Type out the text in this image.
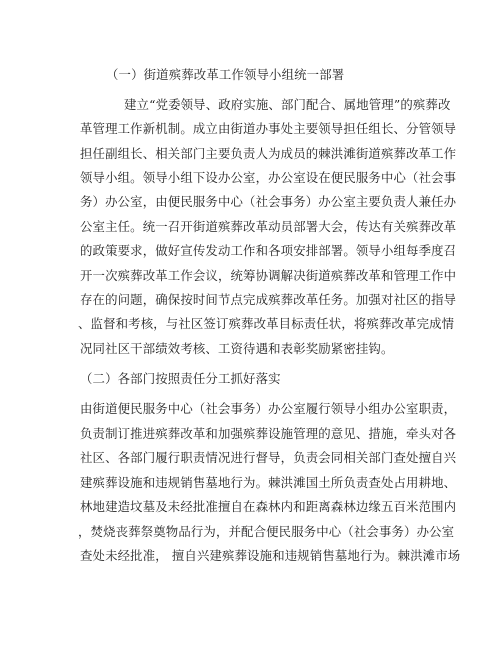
（一）街道殡葬改革工作领导小组统一部署
建立“党委领导、政府实施、部门配合、属地管理”的殡葬改
革管理工作新机制。成立由街道办事处主要领导担任组长、分管领导
担任副组长、相关部门主要负责人为成员的棘洪滩街道殡葬改革工作
领导小组。领导小组下设办公室，办公室设在便民服务中心（社会事
务）办公室，由便民服务中心（社会事务）办公室主要负责人兼任办
公室主任。统一召开街道殡葬改革动员部署大会，传达有关殡葬改革
的政策要求，做好宣传发动工作和各项安排部署。领导小组每季度召
开一次殡葬改革工作会议，统筹协调解决街道殡葬改革和管理工作中
存在的问题，确保按时间节点完成殡葬改革任务。加强对社区的指导
、监督和考核，与社区签订殡葬改革目标责任状，将殡葬改革完成情
况同社区干部绩效考核、工资待遇和表彰奖励紧密挂钩。
（二）各部门按照责任分工抓好落实
由街道便民服务中心（社会事务）办公室履行领导小组办公室职责，
负责制订推进殡葬改革和加强殡葬设施管理的意见、措施，牵头对各
社区、各部门履行职责情况进行督导，负责会同相关部门查处擅自兴
建殡葬设施和违规销售墓地行为。棘洪滩国土所负责查处占用耕地、
林地建造坟墓及未经批准擅自在森林内和距离森林边缘五百米范围内
，焚烧丧葬祭奠物品行为，并配合便民服务中心（社会事务）办公室
查处未经批准， 擅自兴建殡葬设施和违规销售墓地行为。棘洪滩市场
